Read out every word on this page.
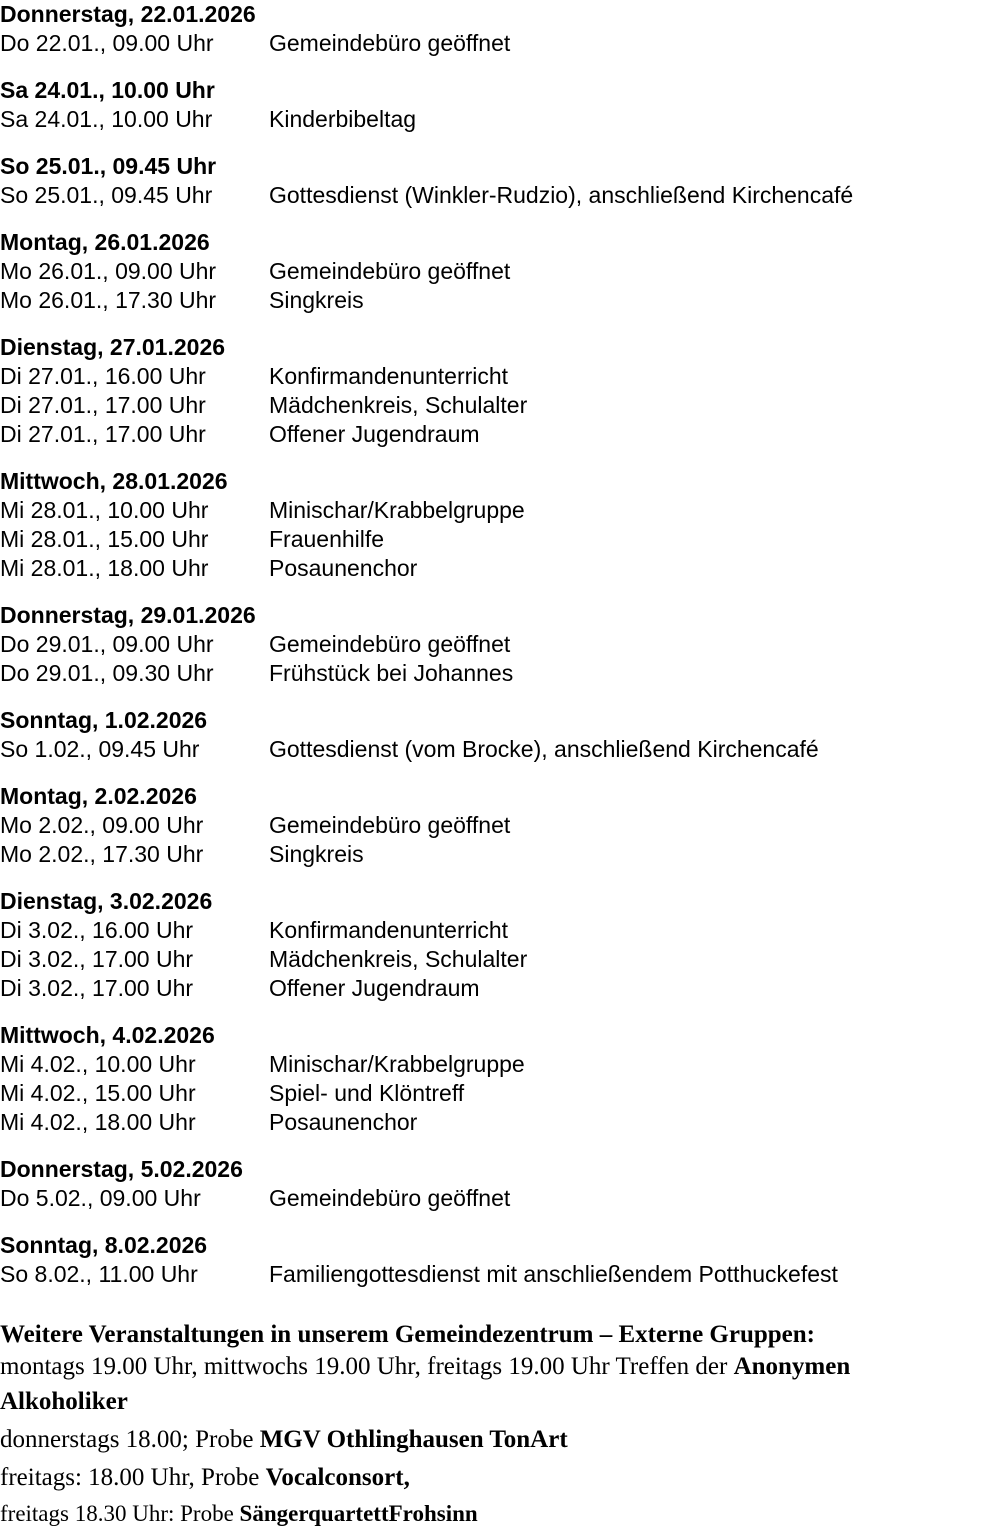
Donnerstag, 22.01.2026
Do 22.01., 09.00 Uhr	Gemeindebüro geöffnet
Sa 24.01., 10.00 Uhr
Sa 24.01., 10.00 Uhr	Kinderbibeltag
So 25.01., 09.45 Uhr
So 25.01., 09.45 Uhr	Gottesdienst (Winkler-Rudzio), anschließend Kirchencafé
Montag, 26.01.2026
Mo 26.01., 09.00 Uhr	Gemeindebüro geöffnet
Mo 26.01., 17.30 Uhr	Singkreis
Dienstag, 27.01.2026
Di 27.01., 16.00 Uhr	Konfirmandenunterricht
Di 27.01., 17.00 Uhr	Mädchenkreis, Schulalter
Di 27.01., 17.00 Uhr	Offener Jugendraum
Mittwoch, 28.01.2026
Mi 28.01., 10.00 Uhr	Minischar/Krabbelgruppe
Mi 28.01., 15.00 Uhr	Frauenhilfe
Mi 28.01., 18.00 Uhr	Posaunenchor
Donnerstag, 29.01.2026
Do 29.01., 09.00 Uhr	Gemeindebüro geöffnet
Do 29.01., 09.30 Uhr	Frühstück bei Johannes
Sonntag, 1.02.2026
So 1.02., 09.45 Uhr	Gottesdienst (vom Brocke), anschließend Kirchencafé
Montag, 2.02.2026
Mo 2.02., 09.00 Uhr	Gemeindebüro geöffnet
Mo 2.02., 17.30 Uhr	Singkreis
Dienstag, 3.02.2026
Di 3.02., 16.00 Uhr	Konfirmandenunterricht
Di 3.02., 17.00 Uhr	Mädchenkreis, Schulalter
Di 3.02., 17.00 Uhr	Offener Jugendraum
Mittwoch, 4.02.2026
Mi 4.02., 10.00 Uhr	Minischar/Krabbelgruppe
Mi 4.02., 15.00 Uhr	Spiel- und Klöntreff
Mi 4.02., 18.00 Uhr	Posaunenchor
Donnerstag, 5.02.2026
Do 5.02., 09.00 Uhr	Gemeindebüro geöffnet
Sonntag, 8.02.2026
So 8.02., 11.00 Uhr	Familiengottesdienst mit anschließendem Potthuckefest
Weitere Veranstaltungen in unserem Gemeindezentrum – Externe Gruppen:
montags 19.00 Uhr, mittwochs 19.00 Uhr, freitags 19.00 Uhr Treffen der Anonymen
Alkoholiker
donnerstags 18.00; Probe MGV Othlinghausen TonArt
freitags: 18.00 Uhr, Probe Vocalconsort,
freitags 18.30 Uhr: Probe SängerquartettFrohsinn
